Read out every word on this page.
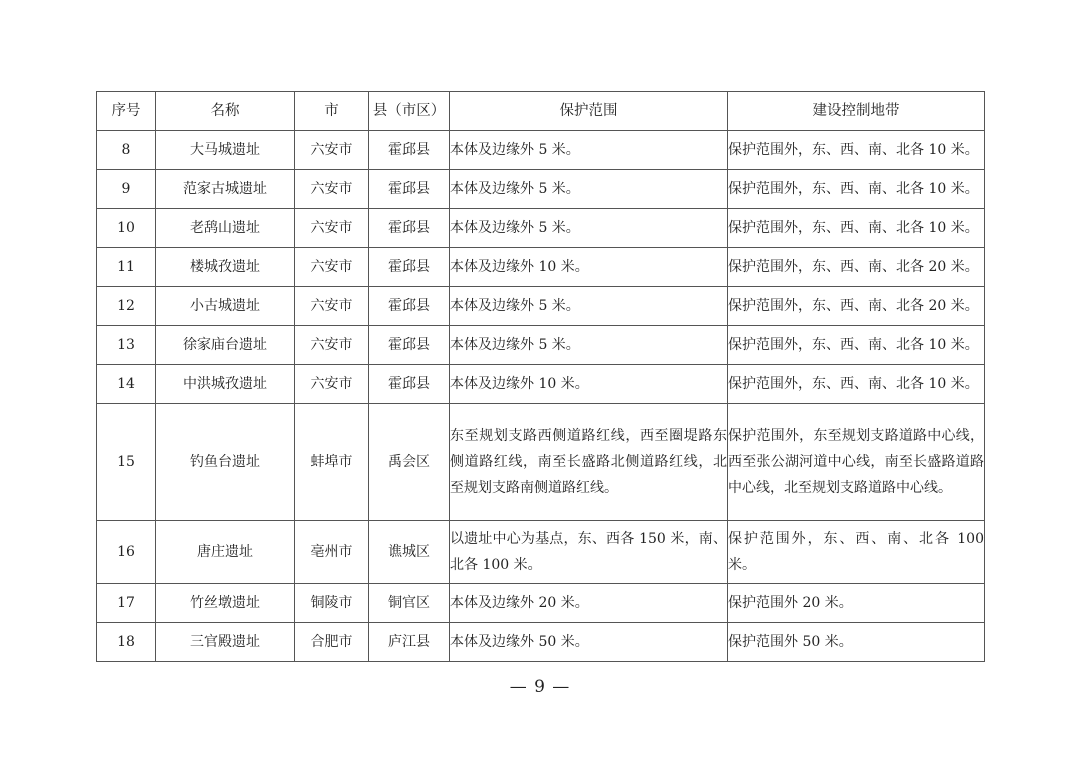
序号	名称	市	县（市区）	保护范围	建设控制地带
8	大马城遗址	六安市	霍邱县	本体及边缘外 5 米。	保护范围外，东、西、南、北各 10 米。
9	范家古城遗址	六安市	霍邱县	本体及边缘外 5 米。	保护范围外，东、西、南、北各 10 米。
10	老鸹山遗址	六安市	霍邱县	本体及边缘外 5 米。	保护范围外，东、西、南、北各 10 米。
11	楼城孜遗址	六安市	霍邱县	本体及边缘外 10 米。	保护范围外，东、西、南、北各 20 米。
12	小古城遗址	六安市	霍邱县	本体及边缘外 5 米。	保护范围外，东、西、南、北各 20 米。
13	徐家庙台遗址	六安市	霍邱县	本体及边缘外 5 米。	保护范围外，东、西、南、北各 10 米。
14	中洪城孜遗址	六安市	霍邱县	本体及边缘外 10 米。	保护范围外，东、西、南、北各 10 米。
15	钓鱼台遗址	蚌埠市	禹会区	东至规划支路西侧道路红线，西至圈堤路东侧道路红线，南至长盛路北侧道路红线，北至规划支路南侧道路红线。	保护范围外，东至规划支路道路中心线，西至张公湖河道中心线，南至长盛路道路中心线，北至规划支路道路中心线。
16	唐庄遗址	亳州市	谯城区	以遗址中心为基点，东、西各 150 米，南、北各 100 米。	保护范围外，东、西、南、北各 100 米。
17	竹丝墩遗址	铜陵市	铜官区	本体及边缘外 20 米。	保护范围外 20 米。
18	三官殿遗址	合肥市	庐江县	本体及边缘外 50 米。	保护范围外 50 米。
— 9 —
